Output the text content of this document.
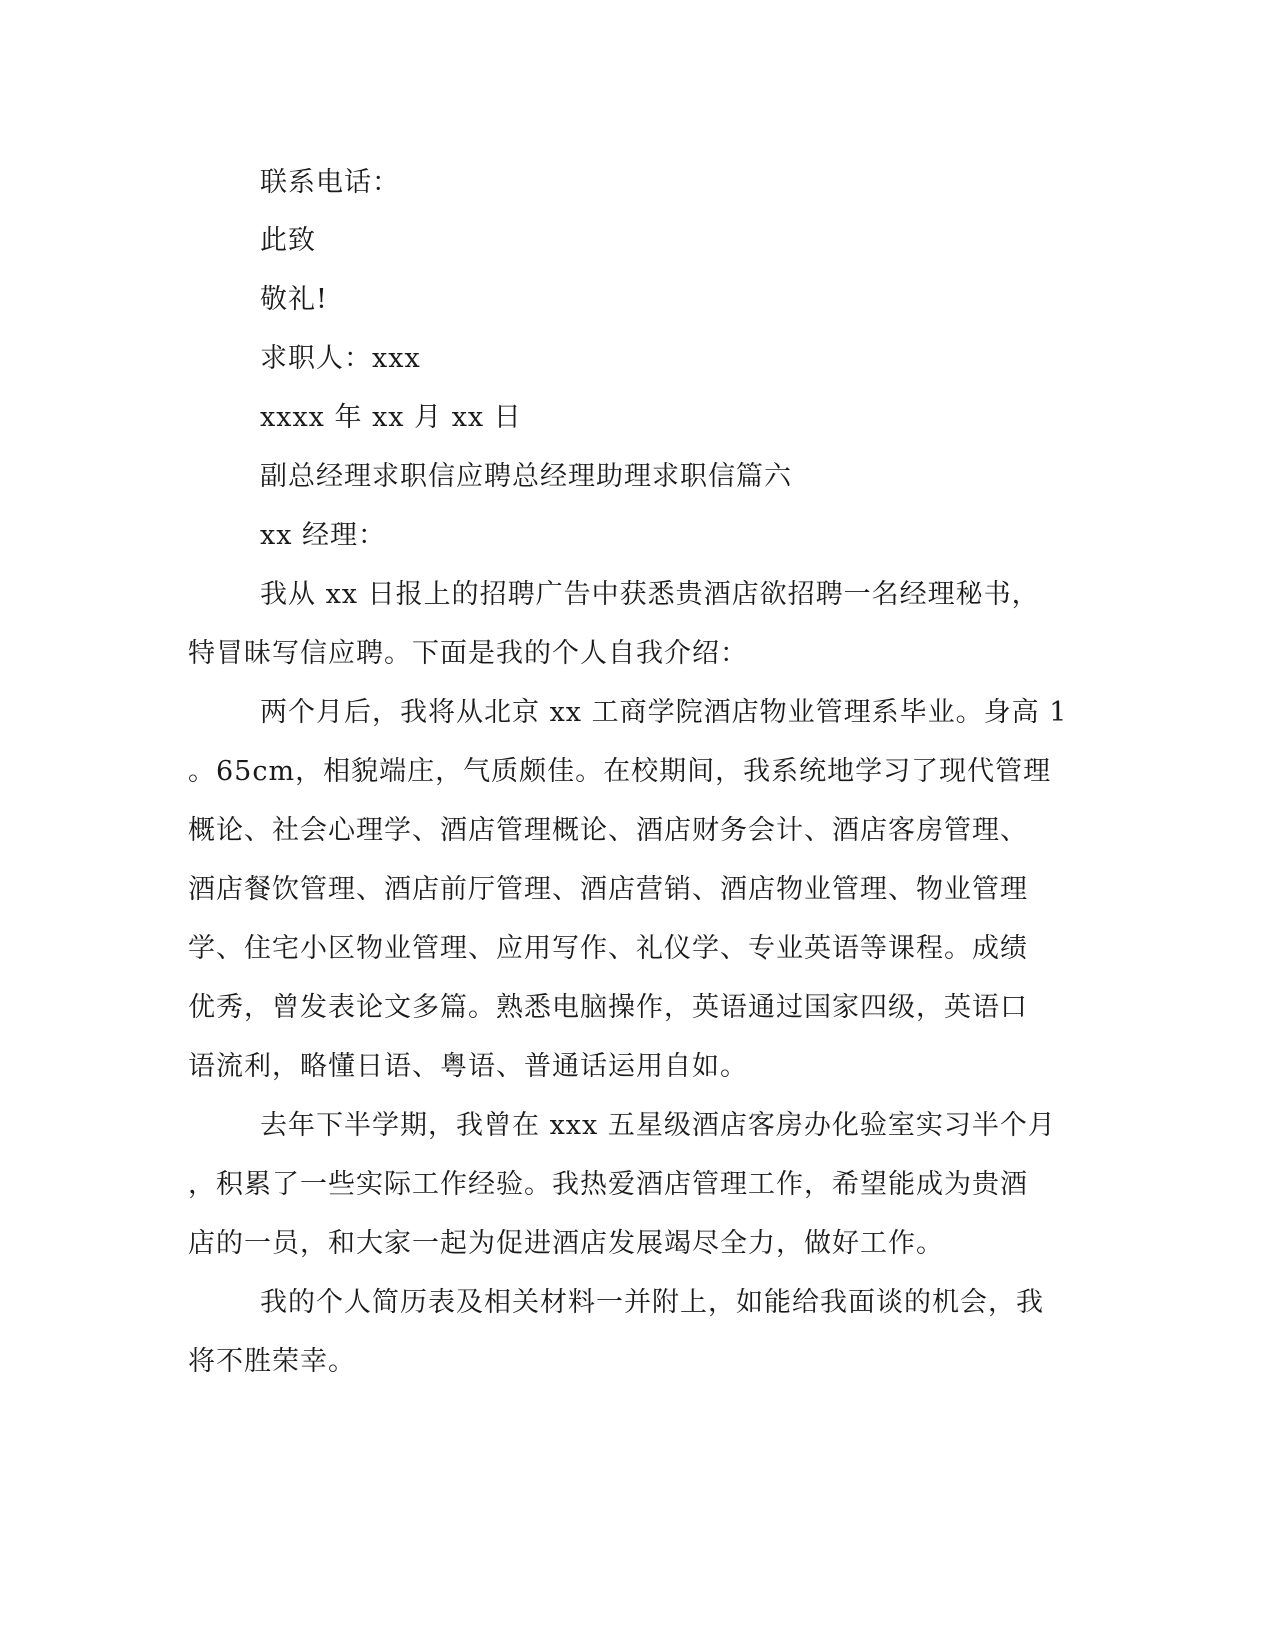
联系电话：
此致
敬礼!
求职人：xxx
xxxx 年 xx 月 xx 日
副总经理求职信应聘总经理助理求职信篇六
xx 经理：
我从 xx 日报上的招聘广告中获悉贵酒店欲招聘一名经理秘书，
特冒昧写信应聘。下面是我的个人自我介绍：
两个月后，我将从北京 xx 工商学院酒店物业管理系毕业。身高 1
。65cm，相貌端庄，气质颇佳。在校期间，我系统地学习了现代管理
概论、社会心理学、酒店管理概论、酒店财务会计、酒店客房管理、
酒店餐饮管理、酒店前厅管理、酒店营销、酒店物业管理、物业管理
学、住宅小区物业管理、应用写作、礼仪学、专业英语等课程。成绩
优秀，曾发表论文多篇。熟悉电脑操作，英语通过国家四级，英语口
语流利，略懂日语、粤语、普通话运用自如。
去年下半学期，我曾在 xxx 五星级酒店客房办化验室实习半个月
，积累了一些实际工作经验。我热爱酒店管理工作，希望能成为贵酒
店的一员，和大家一起为促进酒店发展竭尽全力，做好工作。
我的个人简历表及相关材料一并附上，如能给我面谈的机会，我
将不胜荣幸。
